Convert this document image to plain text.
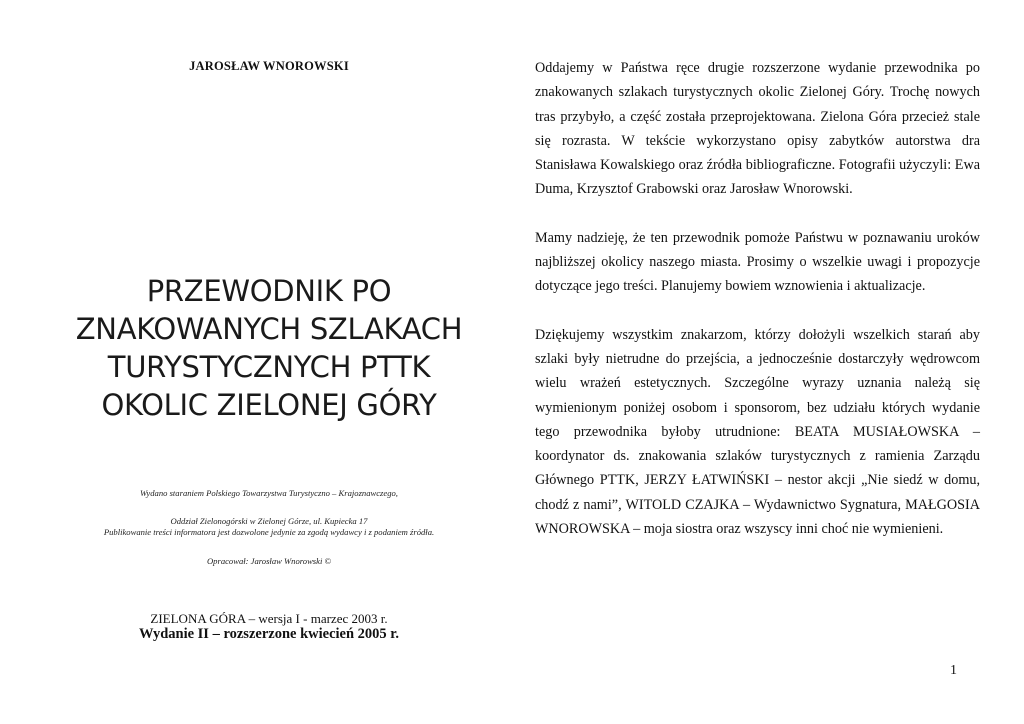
JAROSŁAW WNOROWSKI
PRZEWODNIK PO
ZNAKOWANYCH SZLAKACH
TURYSTYCZNYCH PTTK
OKOLIC ZIELONEJ GÓRY
Wydano staraniem Polskiego Towarzystwa Turystyczno – Krajoznawczego,
Oddział Zielonogórski w Zielonej Górze, ul. Kupiecka 17
Publikowanie treści informatora jest dozwolone jedynie za zgodą wydawcy i z podaniem źródła.
Opracował: Jarosław Wnorowski ©
ZIELONA GÓRA – wersja I - marzec 2003 r.
Wydanie II – rozszerzone kwiecień 2005 r.

Oddajemy w Państwa ręce drugie rozszerzone wydanie przewodnika po znakowanych szlakach turystycznych okolic Zielonej Góry. Trochę nowych tras przybyło, a część została przeprojektowana. Zielona Góra przecież stale się rozrasta. W tekście wykorzystano opisy zabytków autorstwa dra Stanisława Kowalskiego oraz źródła bibliograficzne. Fotografii użyczyli: Ewa Duma, Krzysztof Grabowski oraz Jarosław Wnorowski.

Mamy nadzieję, że ten przewodnik pomoże Państwu w poznawaniu uroków najbliższej okolicy naszego miasta. Prosimy o wszelkie uwagi i propozycje dotyczące jego treści. Planujemy bowiem wznowienia i aktualizacje.

Dziękujemy wszystkim znakarzom, którzy dołożyli wszelkich starań aby szlaki były nietrudne do przejścia, a jednocześnie dostarczyły wędrowcom wielu wrażeń estetycznych. Szczególne wyrazy uznania należą się wymienionym poniżej osobom i sponsorom, bez udziału których wydanie tego przewodnika byłoby utrudnione: BEATA MUSIAŁOWSKA – koordynator ds. znakowania szlaków turystycznych z ramienia Zarządu Głównego PTTK, JERZY ŁATWIŃSKI – nestor akcji „Nie siedź w domu, chodź z nami”, WITOLD CZAJKA – Wydawnictwo Sygnatura, MAŁGOSIA WNOROWSKA – moja siostra oraz wszyscy inni choć nie wymienieni.

1
